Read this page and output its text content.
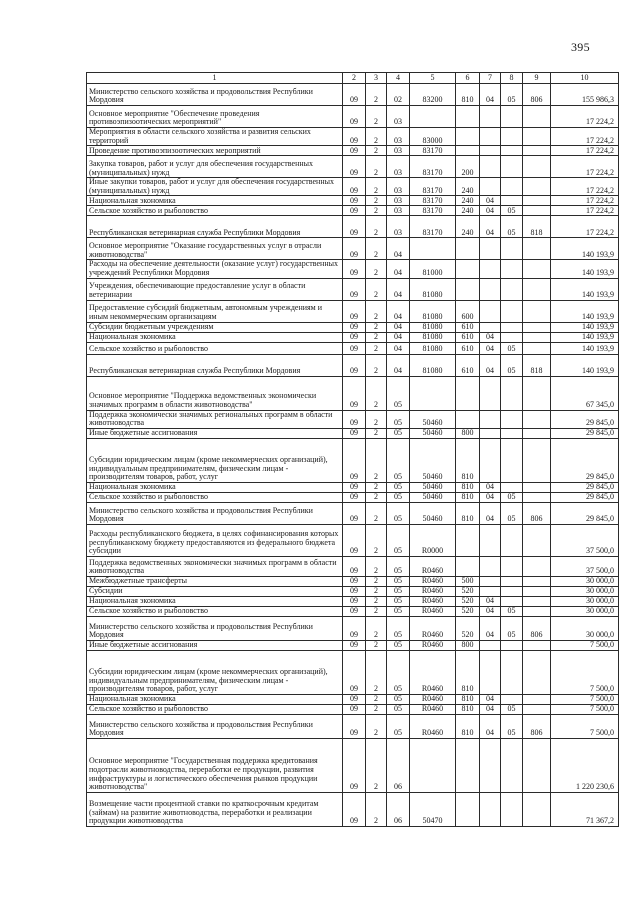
395
1	2	3	4	5	6	7	8	9	10
Министерство сельского хозяйства и продовольствия Республики Мордовия	09	2	02	83200	810	04	05	806	155 986,3
Основное мероприятие "Обеспечение проведения противоэпизоотических мероприятий"	09	2	03						17 224,2
Мероприятия в области сельского хозяйства и развития сельских территорий	09	2	03	83000					17 224,2
Проведение противоэпизоотических мероприятий	09	2	03	83170					17 224,2
Закупка товаров, работ и услуг для обеспечения государственных (муниципальных) нужд	09	2	03	83170	200				17 224,2
Иные закупки товаров, работ и услуг для обеспечения государственных (муниципальных) нужд	09	2	03	83170	240				17 224,2
Национальная экономика	09	2	03	83170	240	04			17 224,2
Сельское хозяйство и рыболовство	09	2	03	83170	240	04	05		17 224,2
Республиканская ветеринарная служба Республики Мордовия	09	2	03	83170	240	04	05	818	17 224,2
Основное мероприятие "Оказание государственных услуг в отрасли животноводства"	09	2	04						140 193,9
Расходы на обеспечение деятельности (оказание услуг) государственных учреждений Республики Мордовия	09	2	04	81000					140 193,9
Учреждения, обеспечивающие предоставление услуг в области ветеринарии	09	2	04	81080					140 193,9
Предоставление субсидий бюджетным, автономным учреждениям и иным некоммерческим организациям	09	2	04	81080	600				140 193,9
Субсидии бюджетным учреждениям	09	2	04	81080	610				140 193,9
Национальная экономика	09	2	04	81080	610	04			140 193,9
Сельское хозяйство и рыболовство	09	2	04	81080	610	04	05		140 193,9
Республиканская ветеринарная служба Республики Мордовия	09	2	04	81080	610	04	05	818	140 193,9
Основное мероприятие "Поддержка ведомственных экономически значимых программ в области животноводства"	09	2	05						67 345,0
Поддержка экономически значимых региональных программ в области животноводства	09	2	05	50460					29 845,0
Иные бюджетные ассигнования	09	2	05	50460	800				29 845,0
Субсидии юридическим лицам (кроме некоммерческих организаций), индивидуальным предпринимателям, физическим лицам - производителям товаров, работ, услуг	09	2	05	50460	810				29 845,0
Национальная экономика	09	2	05	50460	810	04			29 845,0
Сельское хозяйство и рыболовство	09	2	05	50460	810	04	05		29 845,0
Министерство сельского хозяйства и продовольствия Республики Мордовия	09	2	05	50460	810	04	05	806	29 845,0
Расходы республиканского бюджета, в целях софинансирования которых республиканскому бюджету предоставляются из федерального бюджета субсидии	09	2	05	R0000					37 500,0
Поддержка ведомственных экономически значимых программ в области животноводства	09	2	05	R0460					37 500,0
Межбюджетные трансферты	09	2	05	R0460	500				30 000,0
Субсидии	09	2	05	R0460	520				30 000,0
Национальная экономика	09	2	05	R0460	520	04			30 000,0
Сельское хозяйство и рыболовство	09	2	05	R0460	520	04	05		30 000,0
Министерство сельского хозяйства и продовольствия Республики Мордовия	09	2	05	R0460	520	04	05	806	30 000,0
Иные бюджетные ассигнования	09	2	05	R0460	800				7 500,0
Субсидии юридическим лицам (кроме некоммерческих организаций), индивидуальным предпринимателям, физическим лицам - производителям товаров, работ, услуг	09	2	05	R0460	810				7 500,0
Национальная экономика	09	2	05	R0460	810	04			7 500,0
Сельское хозяйство и рыболовство	09	2	05	R0460	810	04	05		7 500,0
Министерство сельского хозяйства и продовольствия Республики Мордовия	09	2	05	R0460	810	04	05	806	7 500,0
Основное мероприятие "Государственная поддержка кредитования подотрасли животноводства, переработки ее продукции, развития инфраструктуры и логистического обеспечения рынков продукции животноводства"	09	2	06						1 220 230,6
Возмещение части процентной ставки по краткосрочным кредитам (займам) на развитие животноводства, переработки и реализации продукции животноводства	09	2	06	50470					71 367,2
